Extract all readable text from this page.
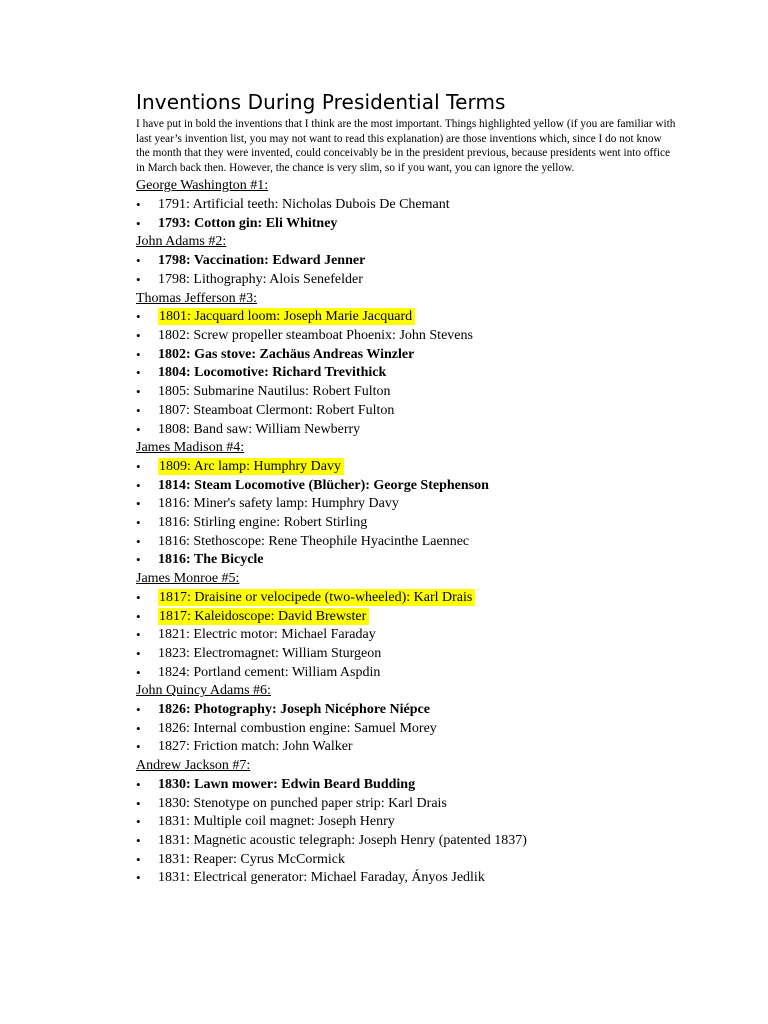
Inventions During Presidential Terms

I have put in bold the inventions that I think are the most important. Things highlighted yellow (if you are familiar with last year’s invention list, you may not want to read this explanation) are those inventions which, since I do not know the month that they were invented, could conceivably be in the president previous, because presidents went into office in March back then. However, the chance is very slim, so if you want, you can ignore the yellow.

George Washington #1:
• 1791: Artificial teeth: Nicholas Dubois De Chemant
• 1793: Cotton gin: Eli Whitney
John Adams #2:
• 1798: Vaccination: Edward Jenner
• 1798: Lithography: Alois Senefelder
Thomas Jefferson #3:
• 1801: Jacquard loom: Joseph Marie Jacquard
• 1802: Screw propeller steamboat Phoenix: John Stevens
• 1802: Gas stove: Zachäus Andreas Winzler
• 1804: Locomotive: Richard Trevithick
• 1805: Submarine Nautilus: Robert Fulton
• 1807: Steamboat Clermont: Robert Fulton
• 1808: Band saw: William Newberry
James Madison #4:
• 1809: Arc lamp: Humphry Davy
• 1814: Steam Locomotive (Blücher): George Stephenson
• 1816: Miner's safety lamp: Humphry Davy
• 1816: Stirling engine: Robert Stirling
• 1816: Stethoscope: Rene Theophile Hyacinthe Laennec
• 1816: The Bicycle
James Monroe #5:
• 1817: Draisine or velocipede (two-wheeled): Karl Drais
• 1817: Kaleidoscope: David Brewster
• 1821: Electric motor: Michael Faraday
• 1823: Electromagnet: William Sturgeon
• 1824: Portland cement: William Aspdin
John Quincy Adams #6:
• 1826: Photography: Joseph Nicéphore Niépce
• 1826: Internal combustion engine: Samuel Morey
• 1827: Friction match: John Walker
Andrew Jackson #7:
• 1830: Lawn mower: Edwin Beard Budding
• 1830: Stenotype on punched paper strip: Karl Drais
• 1831: Multiple coil magnet: Joseph Henry
• 1831: Magnetic acoustic telegraph: Joseph Henry (patented 1837)
• 1831: Reaper: Cyrus McCormick
• 1831: Electrical generator: Michael Faraday, Ányos Jedlik
